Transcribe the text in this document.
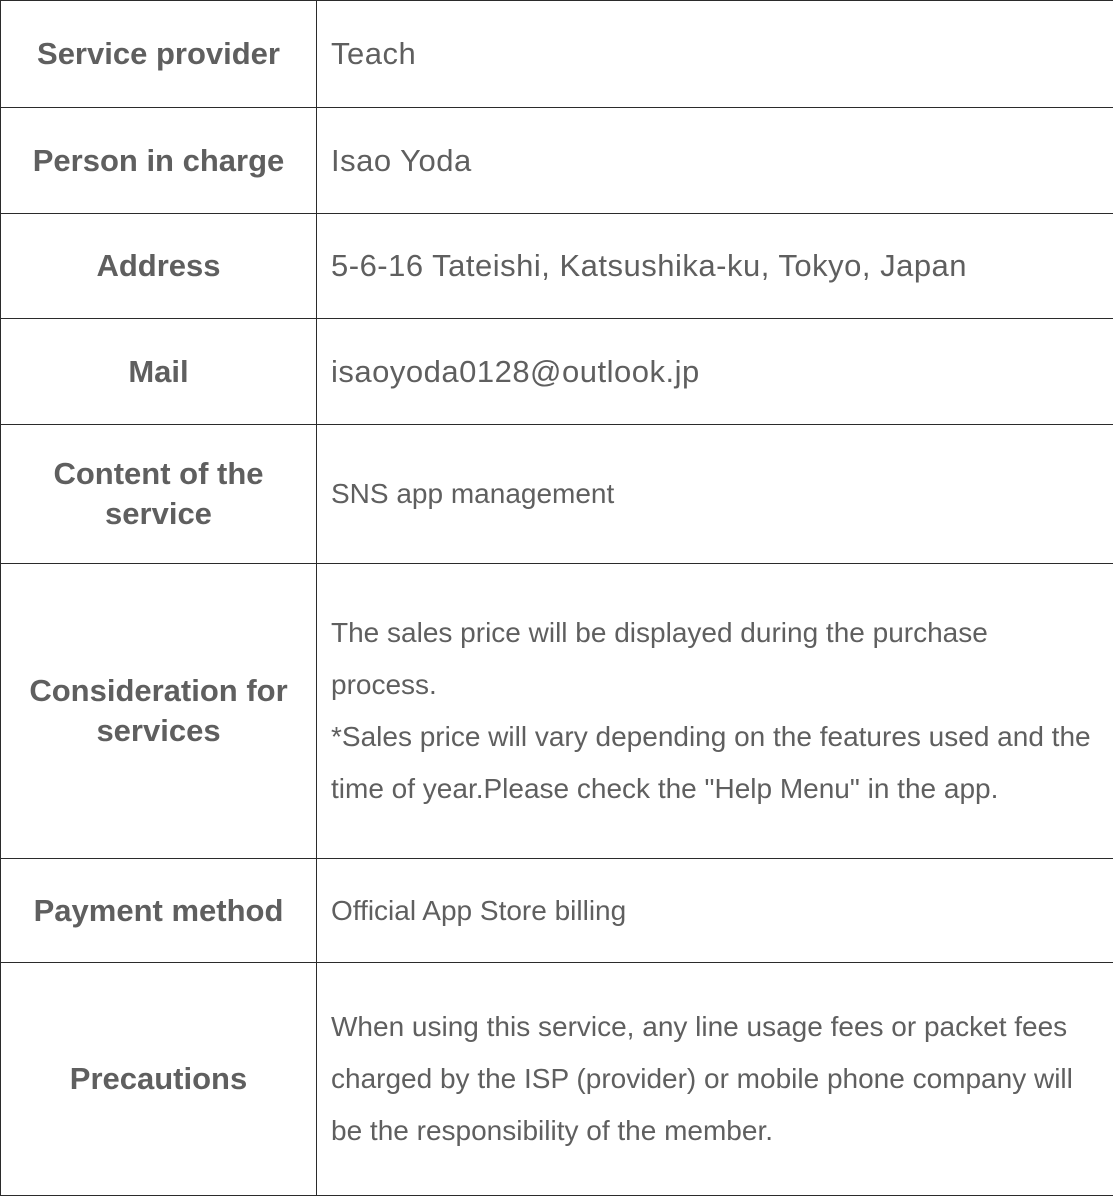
Service provider	Teach
Person in charge	Isao Yoda
Address	5-6-16 Tateishi, Katsushika-ku, Tokyo, Japan
Mail	isaoyoda0128@outlook.jp
Content of the service	SNS app management
Consideration for services	The sales price will be displayed during the purchase process.

*Sales price will vary depending on the features used and the time of year.Please check the "Help Menu" in the app.

Payment method	Official App Store billing
Precautions	When using this service, any line usage fees or packet fees charged by the ISP (provider) or mobile phone company will be the responsibility of the member.
